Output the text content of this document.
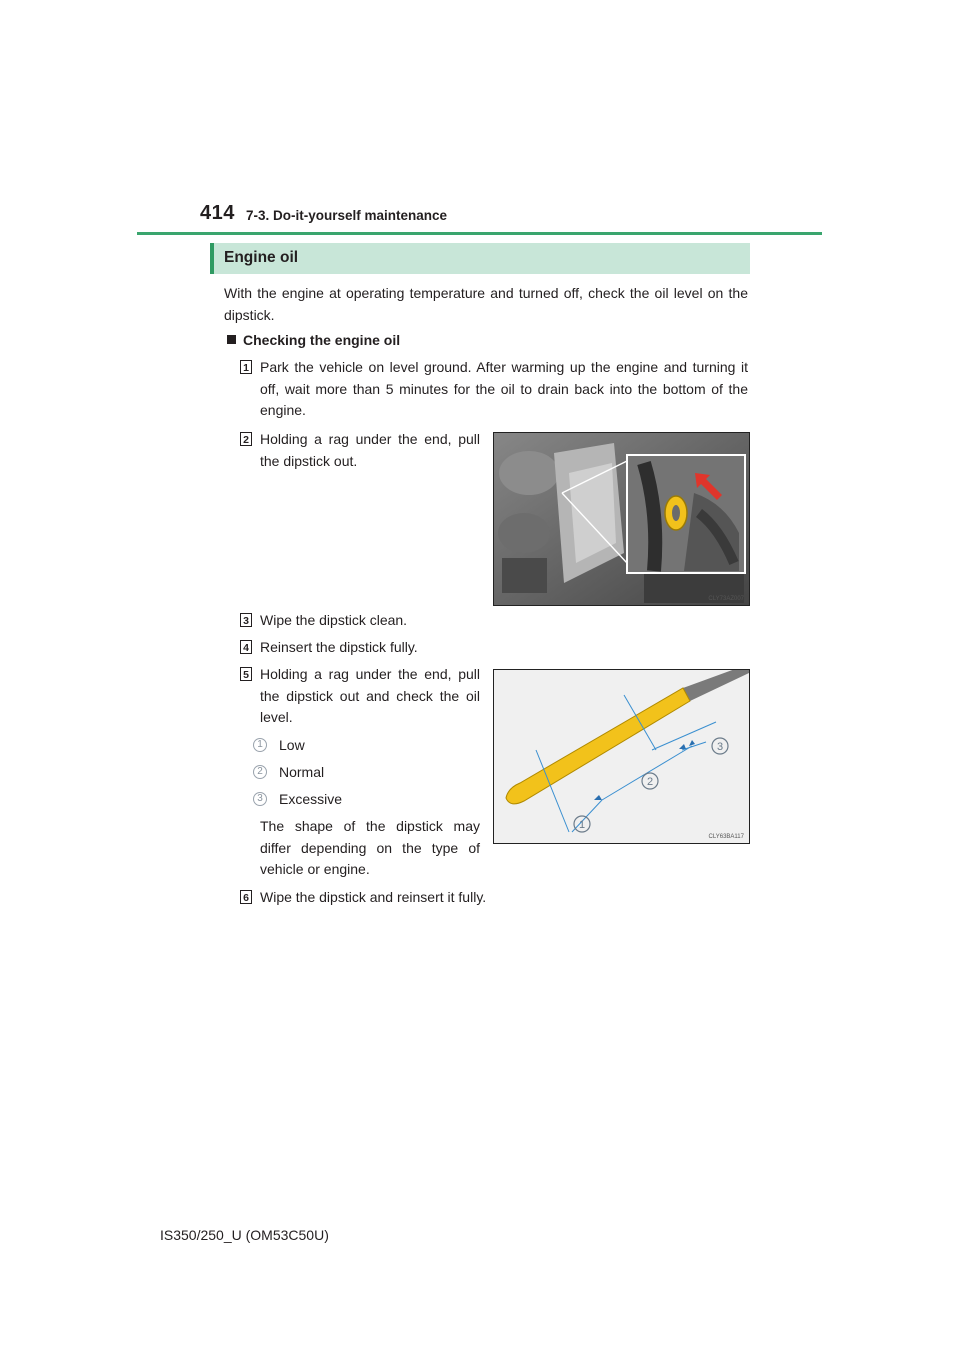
414 7-3. Do-it-yourself maintenance
Engine oil
With the engine at operating temperature and turned off, check the oil level on the dipstick.
Checking the engine oil
1 Park the vehicle on level ground. After warming up the engine and turning it off, wait more than 5 minutes for the oil to drain back into the bottom of the engine.
2 Holding a rag under the end, pull the dipstick out.
CLY73AZ007
3 Wipe the dipstick clean.
4 Reinsert the dipstick fully.
5 Holding a rag under the end, pull the dipstick out and check the oil level.
1	Low
2	Normal
3	Excessive
The shape of the dipstick may differ depending on the type of vehicle or engine.
1
2
3
CLY63BA117
6 Wipe the dipstick and reinsert it fully.
IS350/250_U (OM53C50U)
